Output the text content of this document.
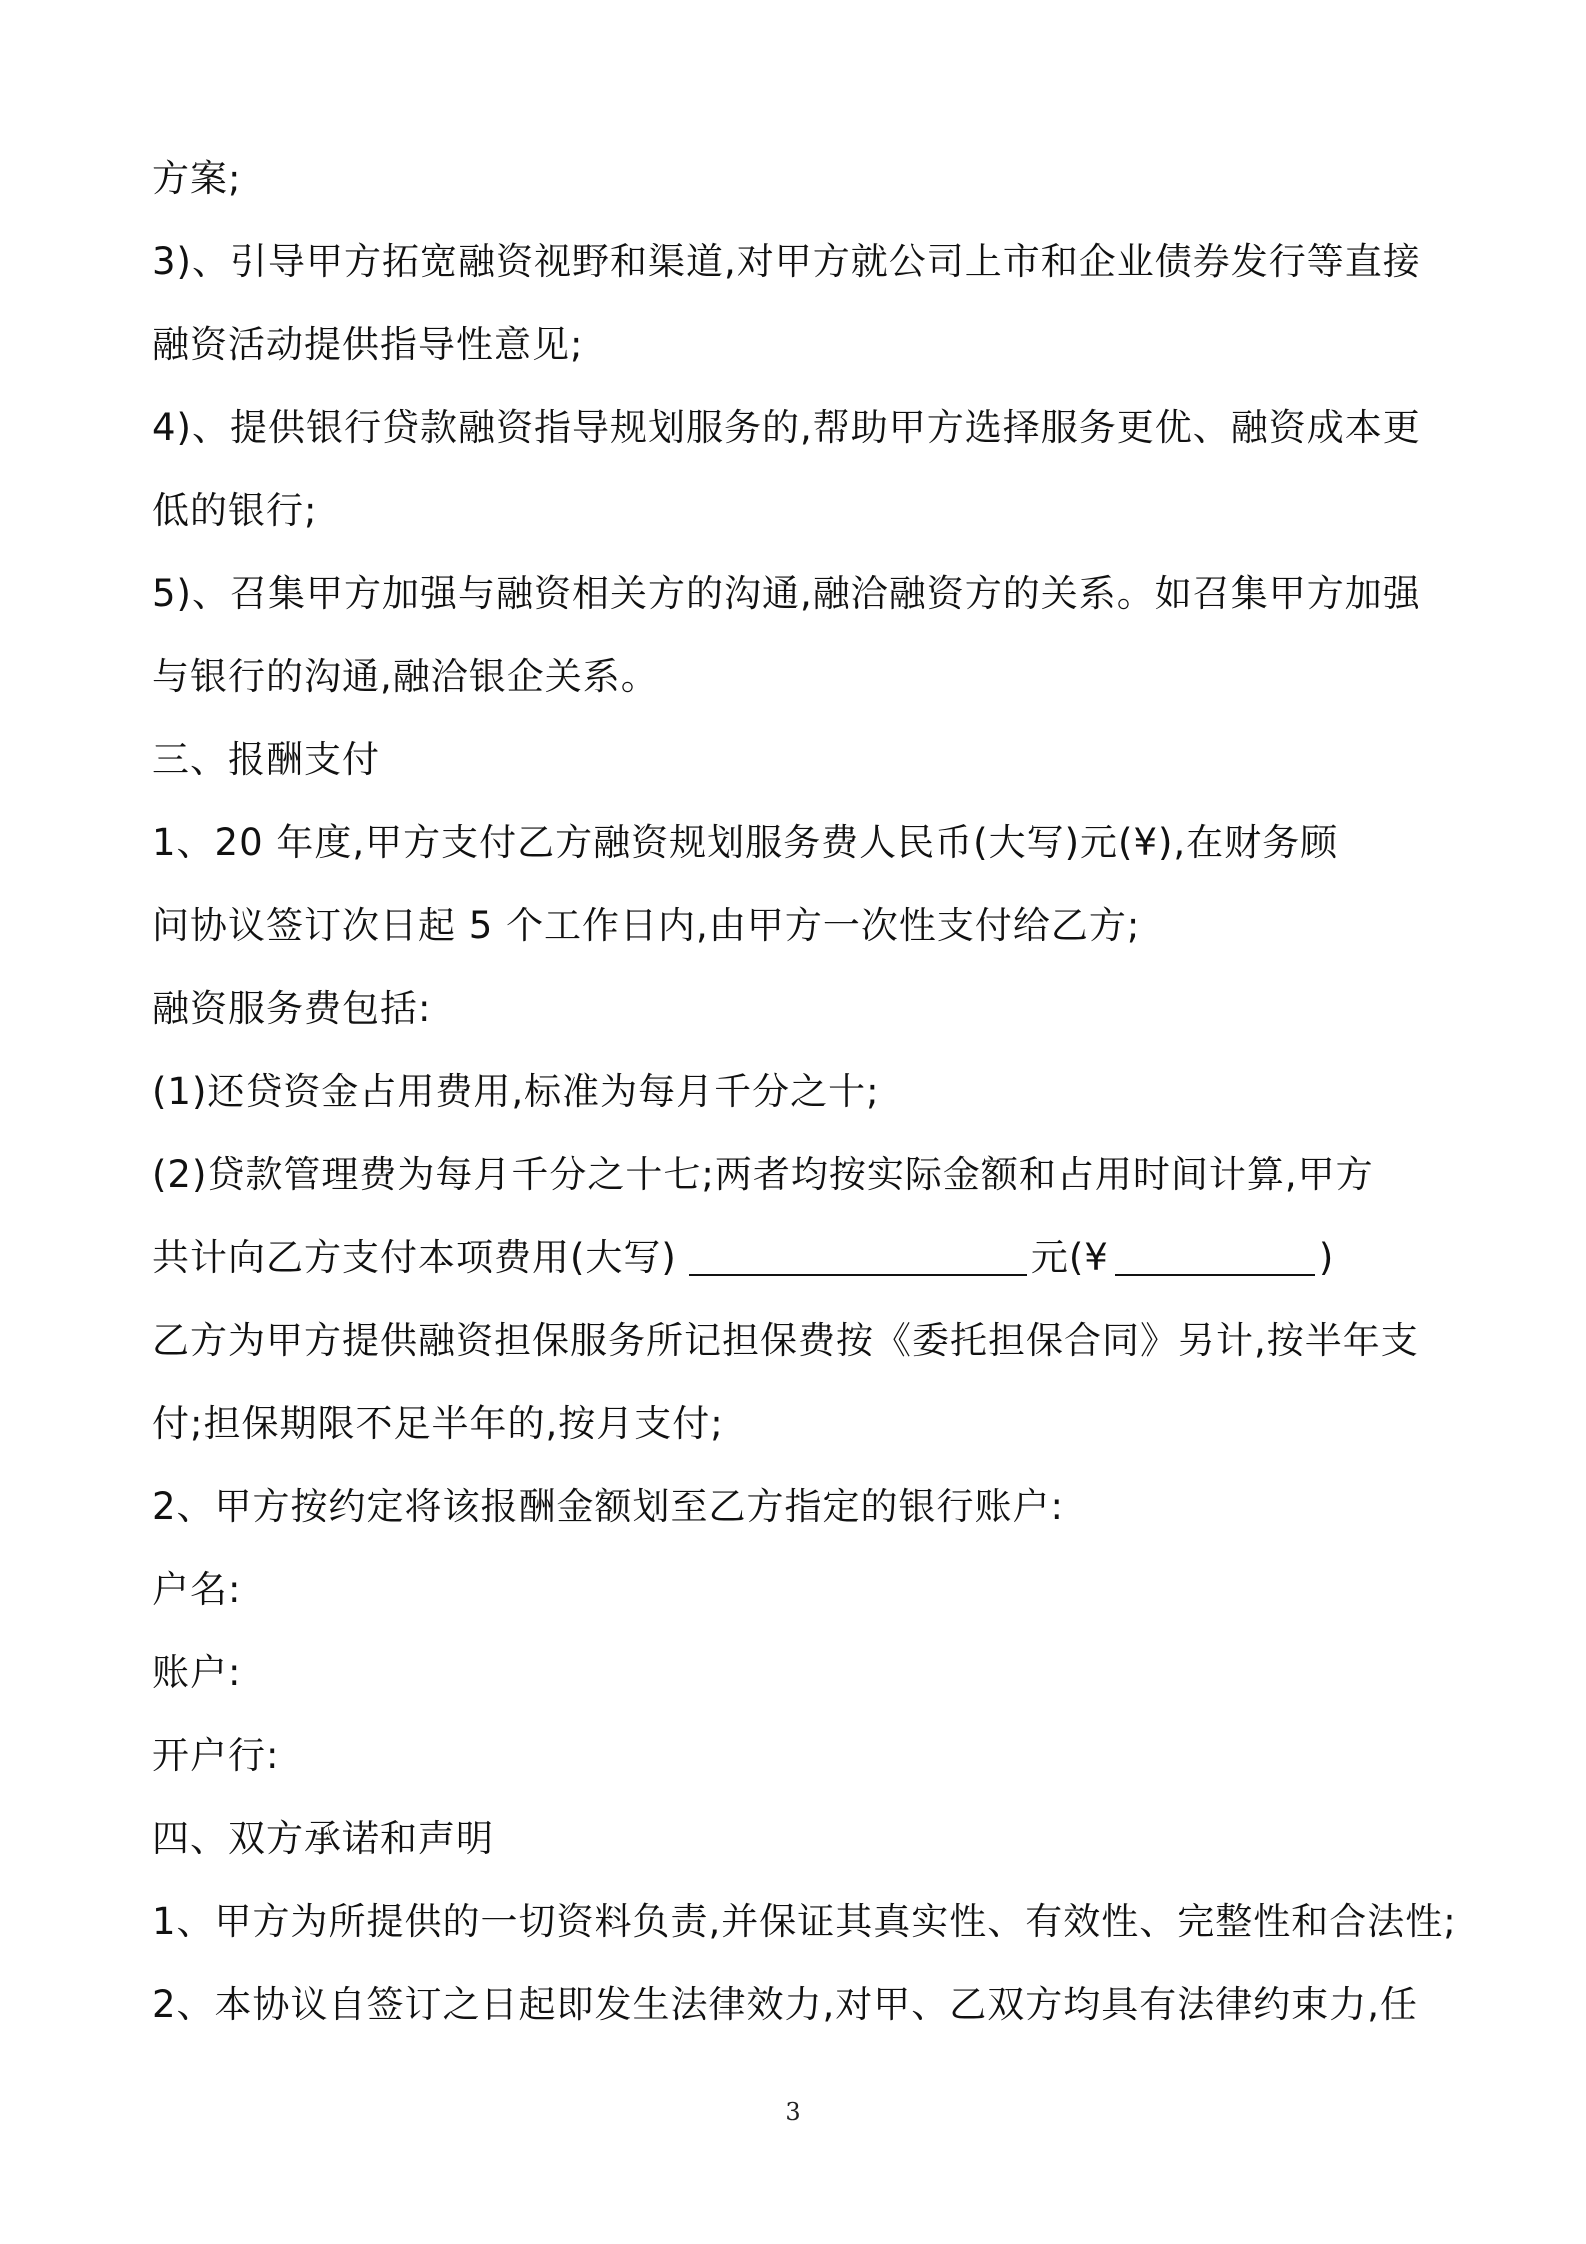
方案;
3)、引导甲方拓宽融资视野和渠道,对甲方就公司上市和企业债券发行等直接
融资活动提供指导性意见;
4)、提供银行贷款融资指导规划服务的,帮助甲方选择服务更优、融资成本更
低的银行;
5)、召集甲方加强与融资相关方的沟通,融洽融资方的关系。如召集甲方加强
与银行的沟通,融洽银企关系。
三、报酬支付
1、20 年度,甲方支付乙方融资规划服务费人民币(大写)元(¥),在财务顾
问协议签订次日起 5 个工作日内,由甲方一次性支付给乙方;
融资服务费包括:
(1)还贷资金占用费用,标准为每月千分之十;
(2)贷款管理费为每月千分之十七;两者均按实际金额和占用时间计算,甲方
共计向乙方支付本项费用(大写)	元(¥	)
乙方为甲方提供融资担保服务所记担保费按《委托担保合同》另计,按半年支
付;担保期限不足半年的,按月支付;
2、甲方按约定将该报酬金额划至乙方指定的银行账户:
户名:
账户:
开户行:
四、双方承诺和声明
1、甲方为所提供的一切资料负责,并保证其真实性、有效性、完整性和合法性;
2、本协议自签订之日起即发生法律效力,对甲、乙双方均具有法律约束力,任
3
